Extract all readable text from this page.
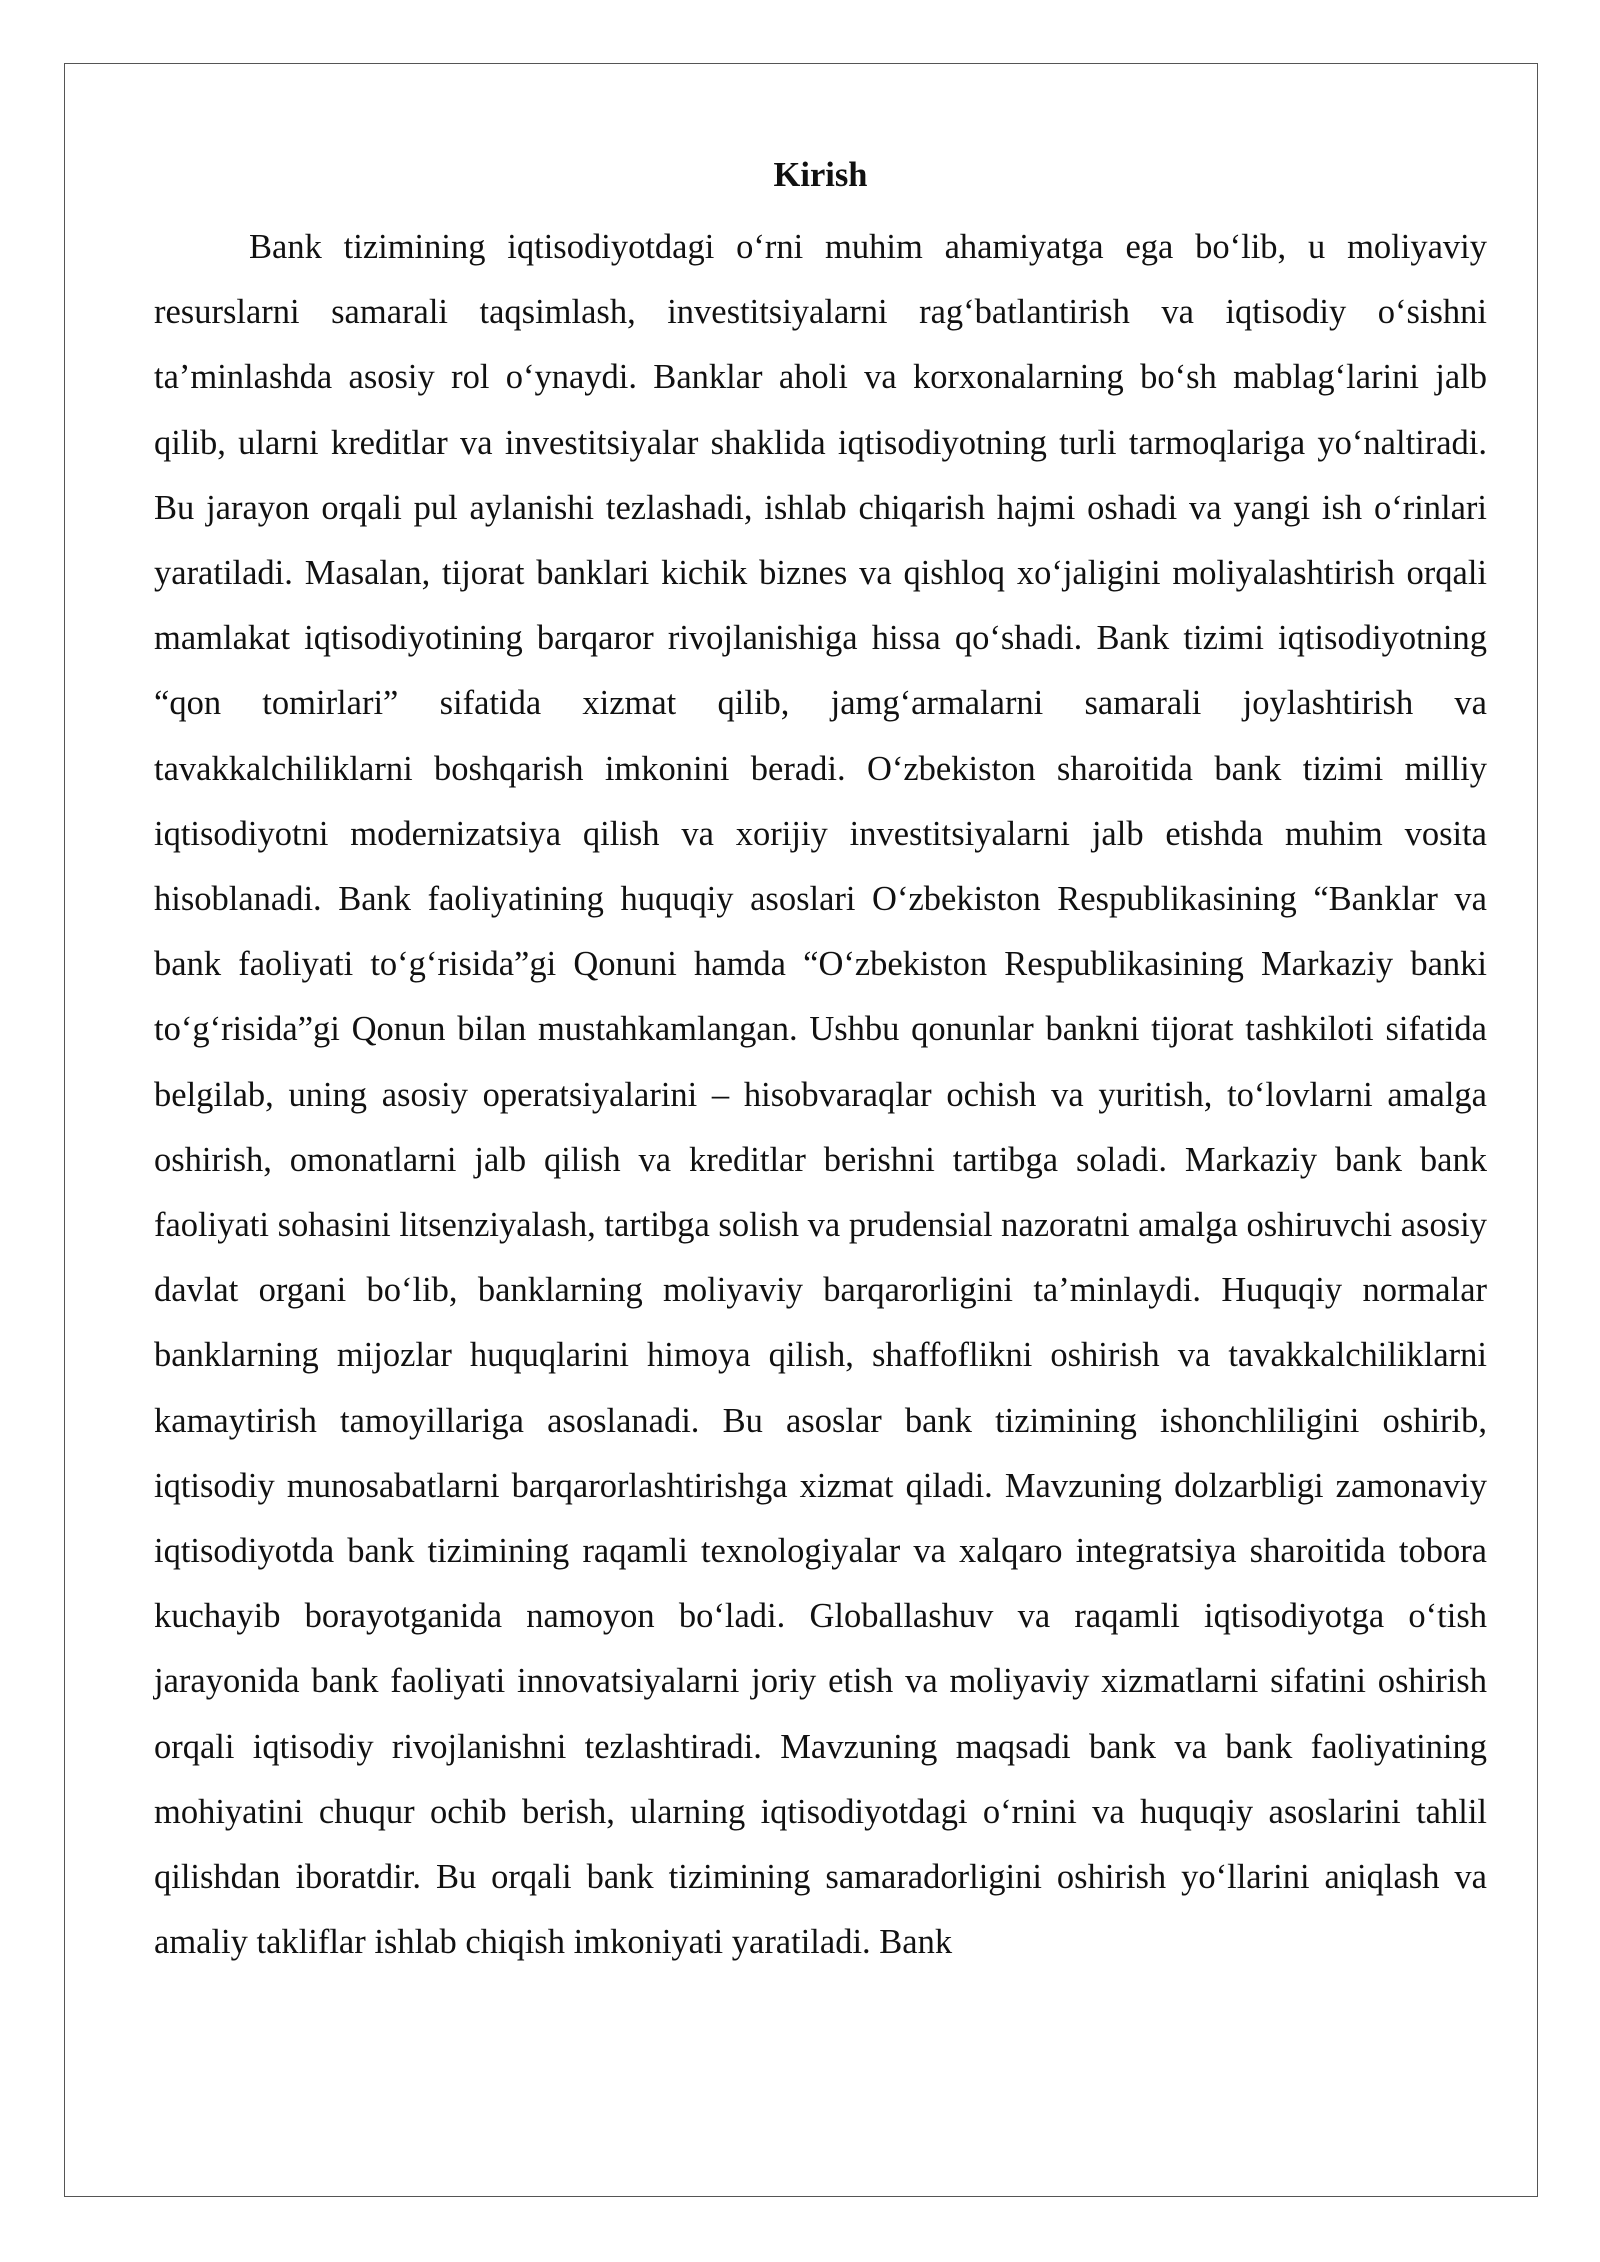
Kirish

Bank tizimining iqtisodiyotdagi o‘rni muhim ahamiyatga ega bo‘lib, u moliyaviy resurslarni samarali taqsimlash, investitsiyalarni rag‘batlantirish va iqtisodiy o‘sishni ta’minlashda asosiy rol o‘ynaydi. Banklar aholi va korxonalarning bo‘sh mablag‘larini jalb qilib, ularni kreditlar va investitsiyalar shaklida iqtisodiyotning turli tarmoqlariga yo‘naltiradi. Bu jarayon orqali pul aylanishi tezlashadi, ishlab chiqarish hajmi oshadi va yangi ish o‘rinlari yaratiladi. Masalan, tijorat banklari kichik biznes va qishloq xo‘jaligini moliyalashtirish orqali mamlakat iqtisodiyotining barqaror rivojlanishiga hissa qo‘shadi. Bank tizimi iqtisodiyotning “qon tomirlari” sifatida xizmat qilib, jamg‘armalarni samarali joylashtirish va tavakkalchiliklarni boshqarish imkonini beradi. O‘zbekiston sharoitida bank tizimi milliy iqtisodiyotni modernizatsiya qilish va xorijiy investitsiyalarni jalb etishda muhim vosita hisoblanadi. Bank faoliyatining huquqiy asoslari O‘zbekiston Respublikasining “Banklar va bank faoliyati to‘g‘risida”gi Qonuni hamda “O‘zbekiston Respublikasining Markaziy banki to‘g‘risida”gi Qonun bilan mustahkamlangan. Ushbu qonunlar bankni tijorat tashkiloti sifatida belgilab, uning asosiy operatsiyalarini – hisobvaraqlar ochish va yuritish, to‘lovlarni amalga oshirish, omonatlarni jalb qilish va kreditlar berishni tartibga soladi. Markaziy bank bank faoliyati sohasini litsenziyalash, tartibga solish va prudensial nazoratni amalga oshiruvchi asosiy davlat organi bo‘lib, banklarning moliyaviy barqarorligini ta’minlaydi. Huquqiy normalar banklarning mijozlar huquqlarini himoya qilish, shaffoflikni oshirish va tavakkalchiliklarni kamaytirish tamoyillariga asoslanadi. Bu asoslar bank tizimining ishonchliligini oshirib, iqtisodiy munosabatlarni barqarorlashtirishga xizmat qiladi. Mavzuning dolzarbligi zamonaviy iqtisodiyotda bank tizimining raqamli texnologiyalar va xalqaro integratsiya sharoitida tobora kuchayib borayotganida namoyon bo‘ladi. Globallashuv va raqamli iqtisodiyotga o‘tish jarayonida bank faoliyati innovatsiyalarni joriy etish va moliyaviy xizmatlarni sifatini oshirish orqali iqtisodiy rivojlanishni tezlashtiradi. Mavzuning maqsadi bank va bank faoliyatining mohiyatini chuqur ochib berish, ularning iqtisodiyotdagi o‘rnini va huquqiy asoslarini tahlil qilishdan iboratdir. Bu orqali bank tizimining samaradorligini oshirish yo‘llarini aniqlash va amaliy takliflar ishlab chiqish imkoniyati yaratiladi. Bank
